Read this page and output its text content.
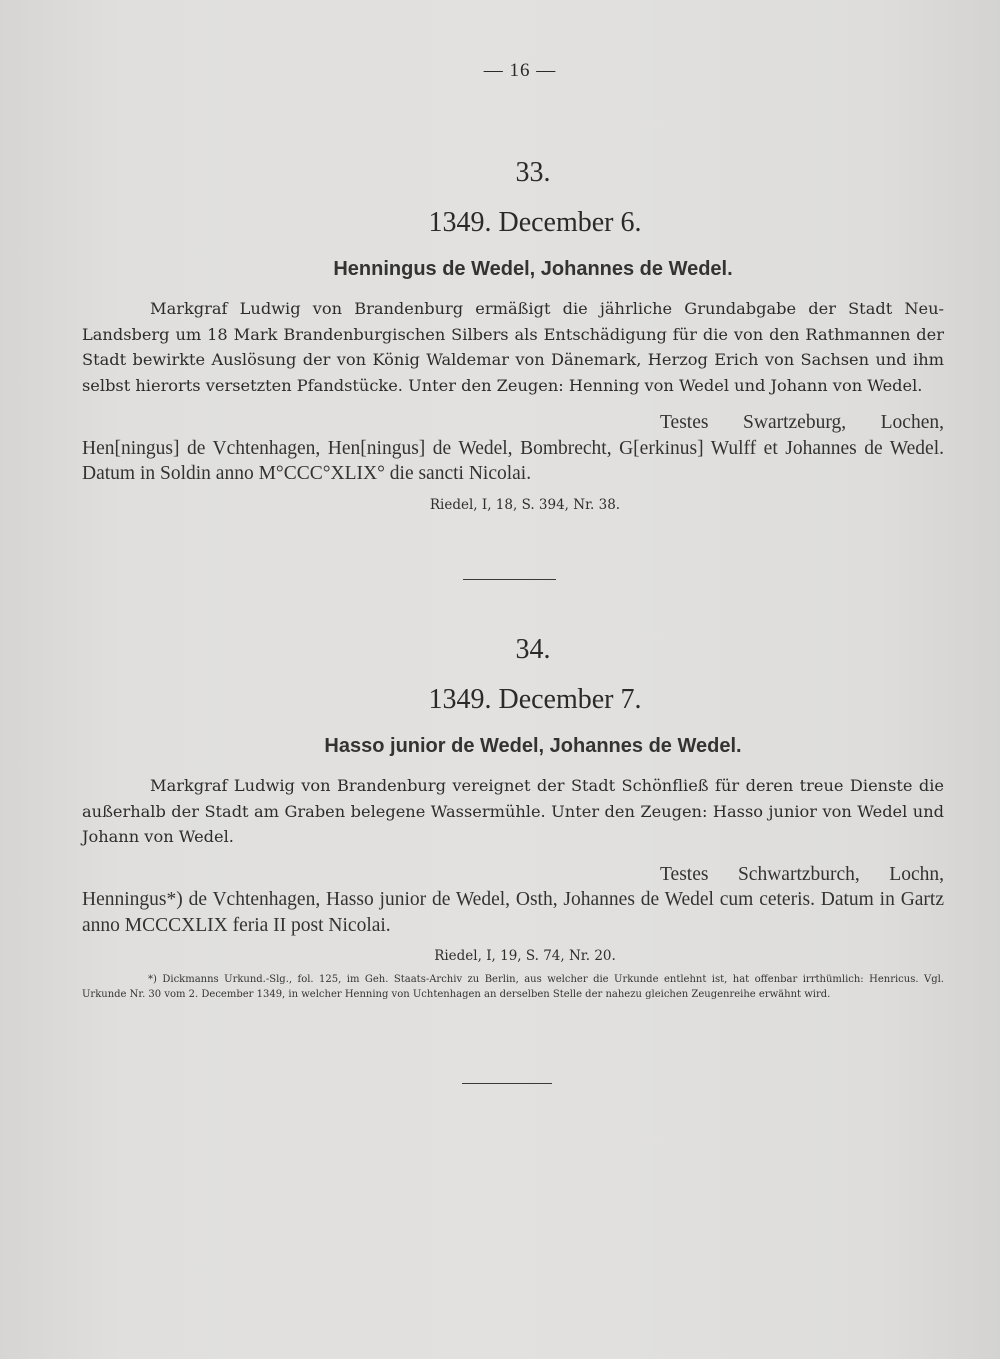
— 16 —
33.
1349. December 6.
Henningus de Wedel, Johannes de Wedel.
Markgraf Ludwig von Brandenburg ermäßigt die jährliche Grundabgabe der Stadt Neu-Landsberg um 18 Mark Brandenburgischen Silbers als Entschädigung für die von den Rathmannen der Stadt bewirkte Auslösung der von König Waldemar von Dänemark, Herzog Erich von Sachsen und ihm selbst hierorts versetzten Pfandstücke. Unter den Zeugen: Henning von Wedel und Johann von Wedel.
Testes Swartzeburg, Lochen, Hen[ningus] de Vchtenhagen, Hen[ningus] de Wedel, Bombrecht, G[erkinus] Wulff et Johannes de Wedel. Datum in Soldin anno M°CCC°XLIX° die sancti Nicolai.
Riedel, I, 18, S. 394, Nr. 38.
34.
1349. December 7.
Hasso junior de Wedel, Johannes de Wedel.
Markgraf Ludwig von Brandenburg vereignet der Stadt Schönfließ für deren treue Dienste die außerhalb der Stadt am Graben belegene Wassermühle. Unter den Zeugen: Hasso junior von Wedel und Johann von Wedel.
Testes Schwartzburch, Lochn, Henningus*) de Vchtenhagen, Hasso junior de Wedel, Osth, Johannes de Wedel cum ceteris. Datum in Gartz anno MCCCXLIX feria II post Nicolai.
Riedel, I, 19, S. 74, Nr. 20.
*) Dickmanns Urkund.-Slg., fol. 125, im Geh. Staats-Archiv zu Berlin, aus welcher die Urkunde entlehnt ist, hat offenbar irrthümlich: Henricus. Vgl. Urkunde Nr. 30 vom 2. December 1349, in welcher Henning von Uchtenhagen an derselben Stelle der nahezu gleichen Zeugenreihe erwähnt wird.
